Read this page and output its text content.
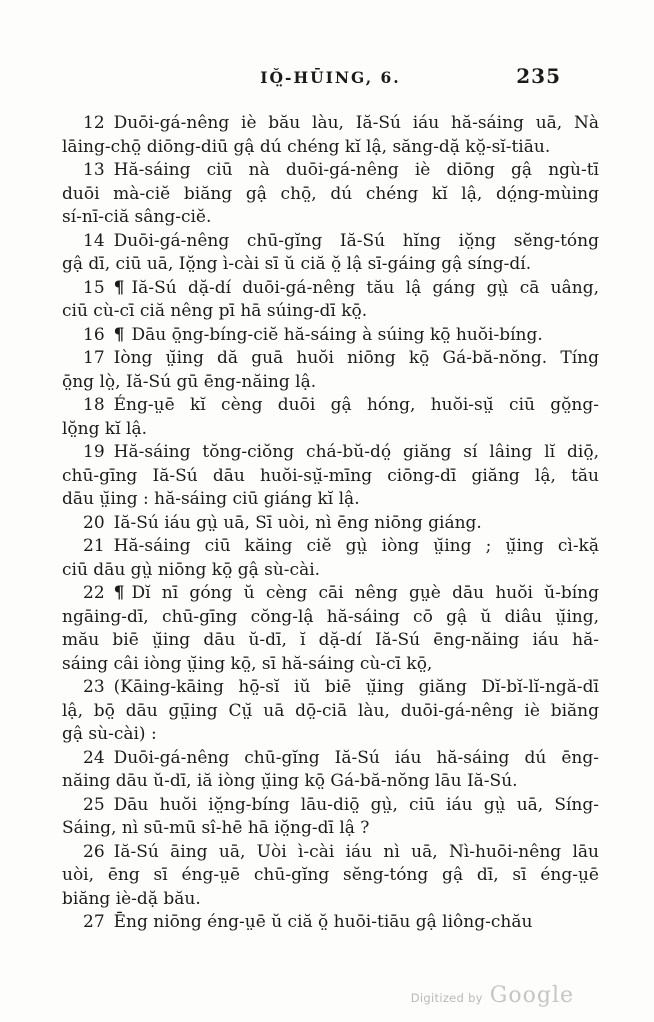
IŎ̤-HŪING, 6.	235

12 Duōi-gá-nêng iè bău làu, Iă-Sú iáu hă-sáing uā, Nà
lāing-chō̤ diōng-diū gậ dú chéng kĭ lậ, săng-dặ kŏ̤-sĭ-tiāu.

13 Hă-sáing ciū nà duōi-gá-nêng iè diōng gậ ngù-tī
duōi mà-ciĕ biăng gậ chō̤, dú chéng kĭ lậ, dó̤ng-mùing
sí-nī-ciă sâng-ciĕ.

14 Duōi-gá-nêng chū-gĭng Iă-Sú hĭng iŏ̤ng sĕng-tóng
gậ dī, ciū uā, Iŏ̤ng ì-cài sī ŭ ciă ŏ̤ lậ sī-gáing gậ síng-dí.

15 ¶ Iă-Sú dặ-dí duōi-gá-nêng tău lậ gáng gṳ̀ cā uâng,
ciū cù-cī ciă nêng pī hā súing-dī kō̤.

16 ¶ Dāu ō̤ng-bíng-ciĕ hă-sáing à súing kō̤ huŏi-bíng.

17 Iòng ṳ̆ing dă guā huŏi niōng kō̤ Gá-bă-nŏng. Tíng
ō̤ng lò̤, Iă-Sú gū ēng-năing lậ.

18 Éng-ṳē kĭ cèng duōi gậ hóng, huŏi-sṳ̆ ciū gŏ̤ng-
lŏ̤ng kĭ lậ.

19 Hă-sáing tŏng-ciŏng chá-bŭ-dó̤ giăng sí lâing lĭ diō̤,
chū-gīng Iă-Sú dāu huŏi-sṳ̆-mīng ciōng-dī giăng lậ, tău
dāu ṳ̆ing : hă-sáing ciū giáng kĭ lậ.

20 Iă-Sú iáu gṳ̀ uā, Sī uòi, nì ēng niōng giáng.

21 Hă-sáing ciū kăing ciĕ gṳ̀ iòng ṳ̆ing ; ṳ̆ing cì-kặ
ciū dāu gṳ̀ niōng kō̤ gậ sù-cài.

22 ¶ Dĭ nī góng ŭ cèng cāi nêng gṳè dāu huŏi ŭ-bíng
ngāing-dī, chū-gīng cŏng-lậ hă-sáing cō gậ ŭ diâu ṳ̆ing,
mău biē ṳ̆ing dāu ŭ-dī, ĭ dặ-dí Iă-Sú ēng-năing iáu hă-
sáing câi iòng ṳ̆ing kō̤, sī hă-sáing cù-cī kō̤,

23 (Kāing-kāing hō̤-sĭ iŭ biē ṳ̆ing giăng Dĭ-bĭ-lĭ-ngă-dī
lậ, bō̤ dāu gṳ̄ing Cṳ̆ uā dō̤-ciā làu, duōi-gá-nêng iè biăng
gậ sù-cài) :

24 Duōi-gá-nêng chū-gĭng Iă-Sú iáu hă-sáing dú ēng-
năing dāu ŭ-dī, iă iòng ṳ̆ing kō̤ Gá-bă-nŏng lāu Iă-Sú.

25 Dāu huŏi iŏ̤ng-bíng lāu-diō̤ gṳ̀, ciū iáu gṳ̀ uā, Síng-
Sáing, nì sū-mū sî-hē hā iŏ̤ng-dī lậ ?

26 Iă-Sú āing uā, Uòi ì-cài iáu nì uā, Nì-huōi-nêng lāu
uòi, ēng sī éng-ṳē chū-gĭng sĕng-tóng gậ dī, sī éng-ṳē
biăng iè-dặ bău.

27 Ēng niōng éng-ṳē ŭ ciă ŏ̤ huōi-tiāu gậ liông-chău

Digitized by Google
